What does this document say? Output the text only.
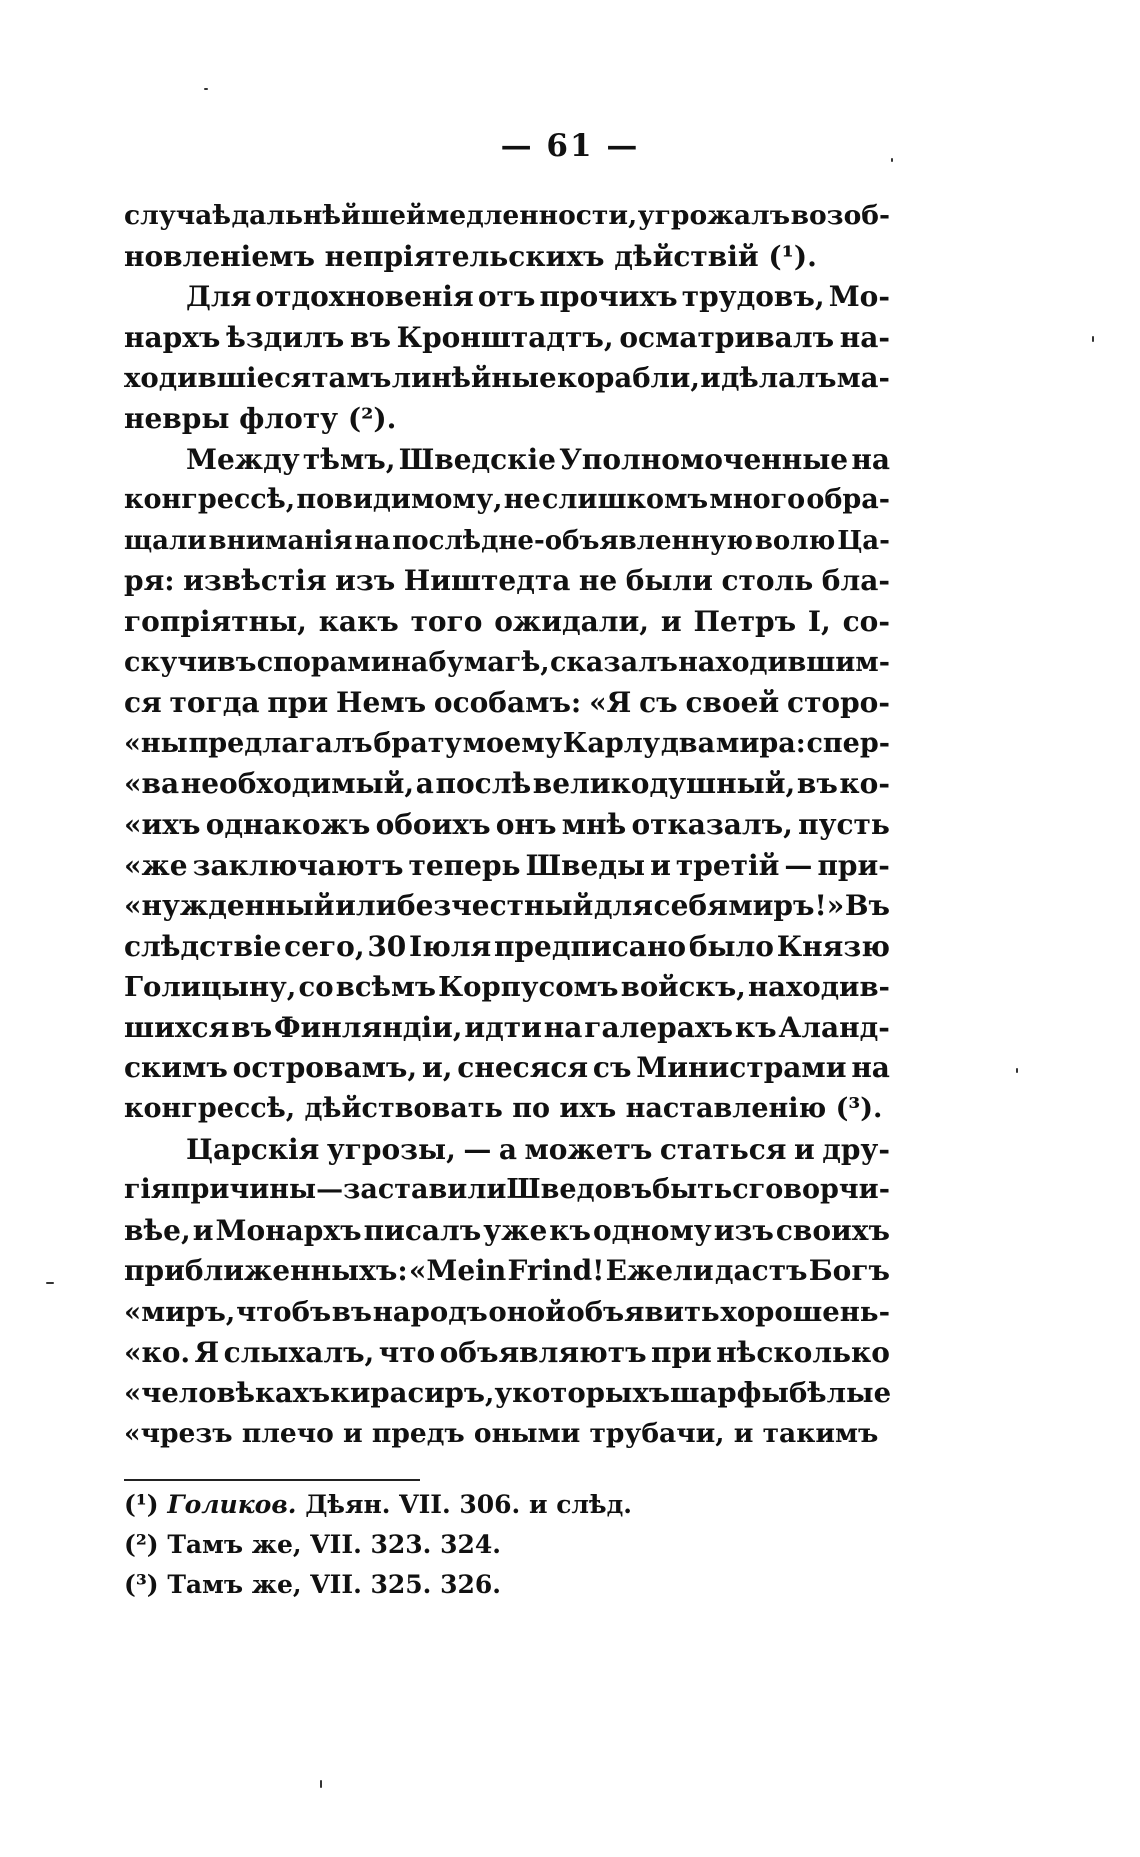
— 61 —
случаѣ дальнѣйшей медленности, угрожалъ возоб-
новленіемъ непріятельскихъ дѣйствій (¹).
Для отдохновенія отъ прочихъ трудовъ, Мо-
нархъ ѣздилъ въ Кронштадтъ, осматривалъ на-
ходившіеся тамъ линѣйные корабли, и дѣлалъ ма-
невры флоту (²).
Между тѣмъ, Шведскіе Уполномоченные на
конгрессѣ, повидимому, не слишкомъ много обра-
щали вниманія на послѣдне-объявленную волю Ца-
ря: извѣстія изъ Ништедта не были столь бла-
гопріятны, какъ того ожидали, и Петръ I, со-
скучивъ спорами на бумагѣ, сказалъ находившим-
ся тогда при Немъ особамъ: «Я съ своей сторо-
«ны предлагалъ брату моему Карлу два мира: спер-
«ва необходимый, а послѣ великодушный, въ ко-
«ихъ однакожъ обоихъ онъ мнѣ отказалъ, пусть
«же заключаютъ теперь Шведы и третій — при-
«нужденный или безчестный для себя миръ!» Въ
слѣдствіе сего, 30 Іюля предписано было Князю
Голицыну, со всѣмъ Корпусомъ войскъ, находив-
шихся въ Финляндіи, идти на галерахъ къ Аланд-
скимъ островамъ, и, снесяся съ Министрами на
конгрессѣ, дѣйствовать по ихъ наставленію (³).
Царскія угрозы, — а можетъ статься и дру-
гія причины — заставили Шведовъ быть сговорчи-
вѣе, и Монархъ писалъ уже къ одному изъ своихъ
приближенныхъ: «Mein Frind! Ежели дастъ Богъ
«миръ, чтобъ въ народъ оной объявить хорошень-
«ко. Я слыхалъ, что объявляютъ при нѣсколько
«человѣкахъ кирасиръ, у которыхъ шарфы бѣлые
«чрезъ плечо и предъ оными трубачи, и такимъ
(¹) Голиков. Дѣян. VII. 306. и слѣд.
(²) Тамъ же, VII. 323. 324.
(³) Тамъ же, VII. 325. 326.
